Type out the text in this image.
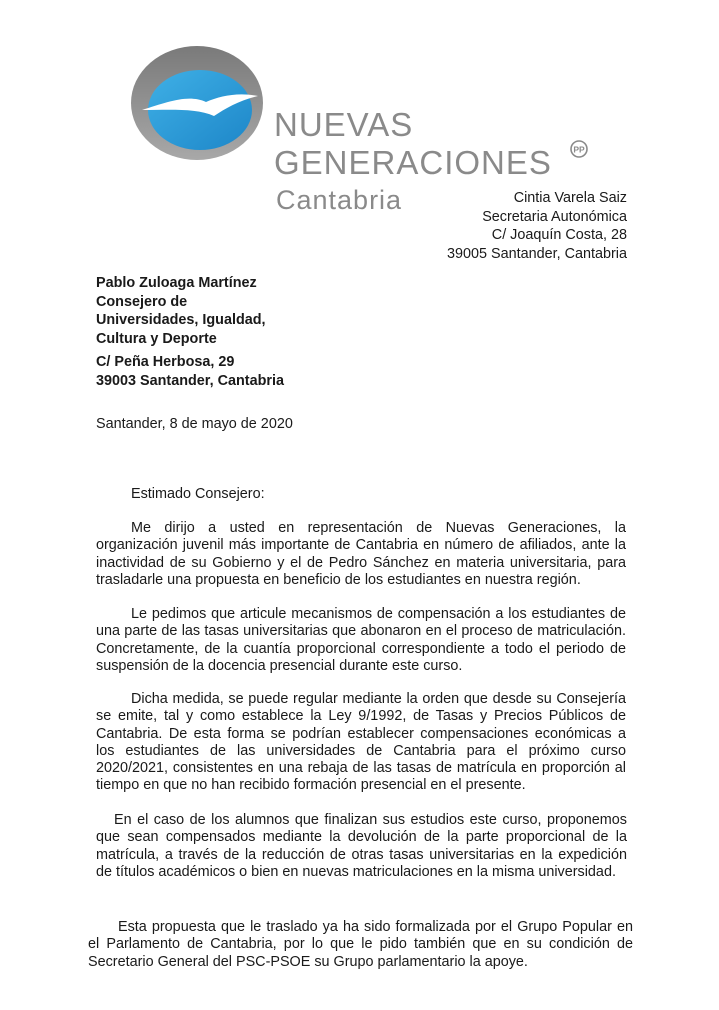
NUEVAS
GENERACIONES
Cantabria
PP
Cintia Varela Saiz
Secretaria Autonómica
C/ Joaquín Costa, 28
39005 Santander, Cantabria
Pablo Zuloaga Martínez
Consejero de
Universidades, Igualdad,
Cultura y Deporte
C/ Peña Herbosa, 29
39003 Santander, Cantabria
Santander, 8 de mayo de 2020
Estimado Consejero:

Me dirijo a usted en representación de Nuevas Generaciones, la organización juvenil más importante de Cantabria en número de afiliados, ante la inactividad de su Gobierno y el de Pedro Sánchez en materia universitaria, para trasladarle una propuesta en beneficio de los estudiantes en nuestra región.

Le pedimos que articule mecanismos de compensación a los estudiantes de una parte de las tasas universitarias que abonaron en el proceso de matriculación. Concretamente, de la cuantía proporcional correspondiente a todo el periodo de suspensión de la docencia presencial durante este curso.

Dicha medida, se puede regular mediante la orden que desde su Consejería se emite, tal y como establece la Ley 9/1992, de Tasas y Precios Públicos de Cantabria. De esta forma se podrían establecer compensaciones económicas a los estudiantes de las universidades de Cantabria para el próximo curso 2020/2021, consistentes en una rebaja de las tasas de matrícula en proporción al tiempo en que no han recibido formación presencial en el presente.

En el caso de los alumnos que finalizan sus estudios este curso, proponemos que sean compensados mediante la devolución de la parte proporcional de la matrícula, a través de la reducción de otras tasas universitarias en la expedición de títulos académicos o bien en nuevas matriculaciones en la misma universidad.

Esta propuesta que le traslado ya ha sido formalizada por el Grupo Popular en el Parlamento de Cantabria, por lo que le pido también que en su condición de Secretario General del PSC-PSOE su Grupo parlamentario la apoye.
